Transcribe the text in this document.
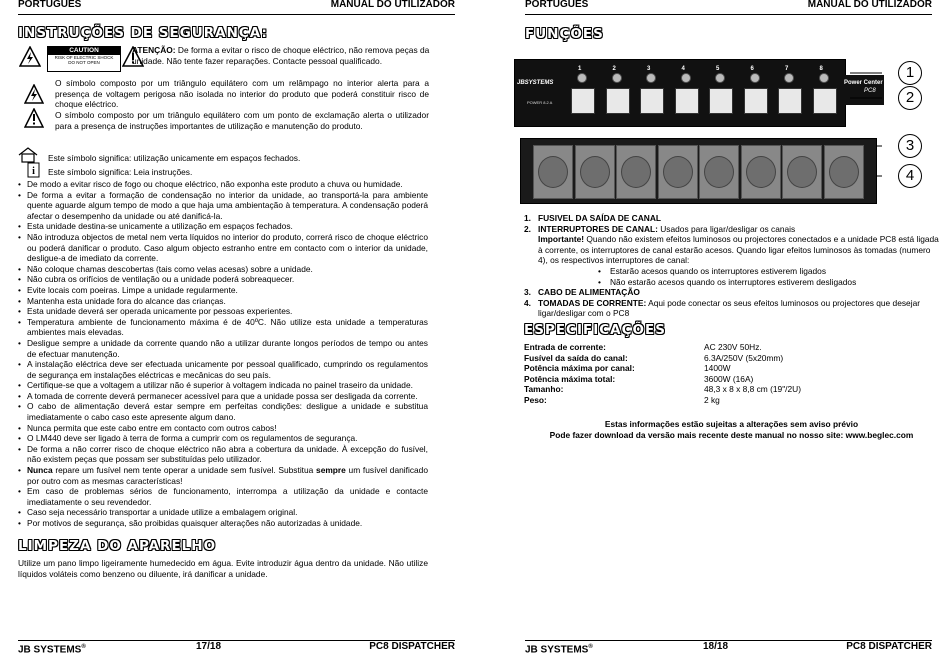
PORTUGUÊS	MANUAL DO UTILIZADOR
INSTRUÇÕES DE SEGURANÇA:
CAUTION
RISK OF ELECTRIC SHOCK
DO NOT OPEN
ATENÇÃO: De forma a evitar o risco de choque eléctrico, não remova peças da unidade. Não tente fazer reparações. Contacte pessoal qualificado.
O símbolo composto por um triângulo equilátero com um relâmpago no interior alerta para a presença de voltagem perigosa não isolada no interior do produto que poderá constituir risco de choque eléctrico.
O símbolo composto por um triângulo equilátero com um ponto de exclamação alerta o utilizador para a presença de instruções importantes de utilização e manutenção do produto.
i
Este símbolo significa: utilização unicamente em espaços fechados.
Este símbolo significa: Leia instruções.
• De modo a evitar risco de fogo ou choque eléctrico, não exponha este produto a chuva ou humidade.
• De forma a evitar a formação de condensação no interior da unidade, ao transportá-la para ambiente quente aguarde algum tempo de modo a que haja uma ambientação à temperatura. A condensação poderá afectar o desempenho da unidade ou até danificá-la.
• Esta unidade destina-se unicamente a utilização em espaços fechados.
• Não introduza objectos de metal nem verta líquidos no interior do produto, correrá risco de choque eléctrico ou poderá danificar o produto. Caso algum objecto estranho entre em contacto com o interior da unidade, desligue-a de imediato da corrente.
• Não coloque chamas descobertas (tais como velas acesas) sobre a unidade.
• Não cubra os orifícios de ventilação ou a unidade poderá sobreaquecer.
• Evite locais com poeiras. Limpe a unidade regularmente.
• Mantenha esta unidade fora do alcance das crianças.
• Esta unidade deverá ser operada unicamente por pessoas experientes.
• Temperatura ambiente de funcionamento máxima é de 40ºC. Não utilize esta unidade a temperaturas ambientes mais elevadas.
• Desligue sempre a unidade da corrente quando não a utilizar durante longos períodos de tempo ou antes de efectuar manutenção.
• A instalação eléctrica deve ser efectuada unicamente por pessoal qualificado, cumprindo os regulamentos de segurança em instalações eléctricas e mecânicas do seu país.
• Certifique-se que a voltagem a utilizar não é superior à voltagem indicada no painel traseiro da unidade.
• A tomada de corrente deverá permanecer acessível para que a unidade possa ser desligada da corrente.
• O cabo de alimentação deverá estar sempre em perfeitas condições: desligue a unidade e substitua imediatamente o cabo caso este apresente algum dano.
• Nunca permita que este cabo entre em contacto com outros cabos!
• O LM440 deve ser ligado à terra de forma a cumprir com os regulamentos de segurança.
• De forma a não correr risco de choque eléctrico não abra a cobertura da unidade. À excepção do fusível, não existem peças que possam ser substituídas pelo utilizador.
• Nunca repare um fusível nem tente operar a unidade sem fusível. Substitua sempre um fusível danificado por outro com as mesmas características!
• Em caso de problemas sérios de funcionamento, interrompa a utilização da unidade e contacte imediatamente o seu revendedor.
• Caso seja necessário transportar a unidade utilize a embalagem original.
• Por motivos de segurança, são proibidas quaisquer alterações não autorizadas à unidade.
LIMPEZA DO APARELHO
Utilize um pano limpo ligeiramente humedecido em água. Evite introduzir água dentro da unidade. Não utilize líquidos voláteis como benzeno ou diluente, irá danificar a unidade.
JB SYSTEMS®	17/18	PC8 DISPATCHER
PORTUGUÊS	MANUAL DO UTILIZADOR
FUNÇÕES
JBSYSTEMS
POWER 8.2 A
1	2	3	4	5	6	7	8
Power Center
PC8
1
2
3
4
1. FUSIVEL DA SAÍDA DE CANAL
2. INTERRUPTORES DE CANAL: Usados para ligar/desligar os canais
Importante! Quando não existem efeitos luminosos ou projectores conectados e a unidade PC8 está ligada à corrente, os interruptores de canal estarão acesos. Quando ligar efeitos luminosos às tomadas (numero 4), os respectivos interruptores de canal:
• Estarão acesos quando os interruptores estiverem ligados
• Não estarão acesos quando os interruptores estiverem desligados
3. CABO DE ALIMENTAÇÃO
4. TOMADAS DE CORRENTE: Aqui pode conectar os seus efeitos luminosos ou projectores que desejar ligar/desligar com o PC8
ESPECIFICAÇÕES
Entrada de corrente:	AC 230V 50Hz.
Fusível da saída do canal:	6.3A/250V (5x20mm)
Potência máxima por canal:	1400W
Potência máxima total:	3600W (16A)
Tamanho:	48,3 x 8 x 8,8 cm (19"/2U)
Peso:	2 kg
Estas informações estão sujeitas a alterações sem aviso prévio
Pode fazer download da versão mais recente deste manual no nosso site: www.beglec.com
JB SYSTEMS®	18/18	PC8 DISPATCHER
